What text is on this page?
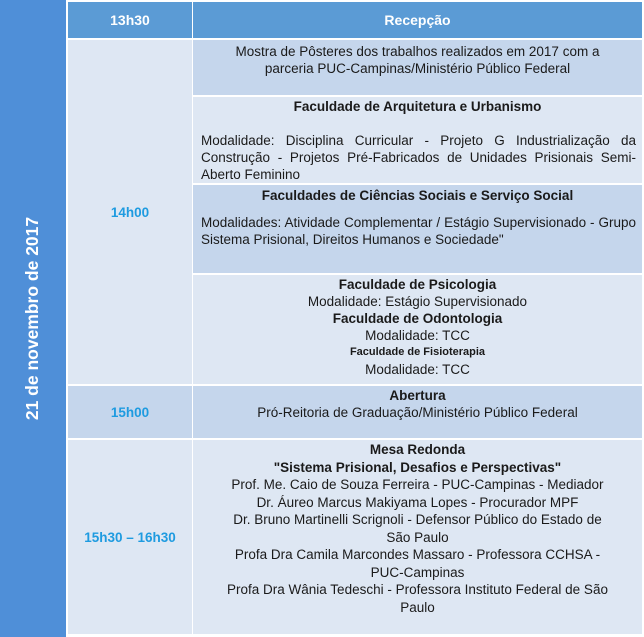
21 de novembro de 2017
13h30	Recepção
14h00
15h00
15h30 – 16h30
Mostra de Pôsteres dos trabalhos realizados em 2017 com a
parceria PUC-Campinas/Ministério Público Federal
Faculdade de Arquitetura e Urbanismo
Modalidade: Disciplina Curricular - Projeto G Industrialização da Construção - Projetos Pré-Fabricados de Unidades Prisionais Semi-Aberto Feminino
Faculdades de Ciências Sociais e Serviço Social
Modalidades: Atividade Complementar / Estágio Supervisionado - Grupo Sistema Prisional, Direitos Humanos e Sociedade"
Faculdade de Psicologia
Modalidade: Estágio Supervisionado
Faculdade de Odontologia
Modalidade: TCC
Faculdade de Fisioterapia
Modalidade: TCC
Abertura
Pró-Reitoria de Graduação/Ministério Público Federal
Mesa Redonda
"Sistema Prisional, Desafios e Perspectivas"
Prof. Me. Caio de Souza Ferreira - PUC-Campinas - Mediador
Dr. Áureo Marcus Makiyama Lopes - Procurador MPF
Dr. Bruno Martinelli Scrignoli - Defensor Público do Estado de
São Paulo
Profa Dra Camila Marcondes Massaro - Professora CCHSA -
PUC-Campinas
Profa Dra Wânia Tedeschi - Professora Instituto Federal de São
Paulo
